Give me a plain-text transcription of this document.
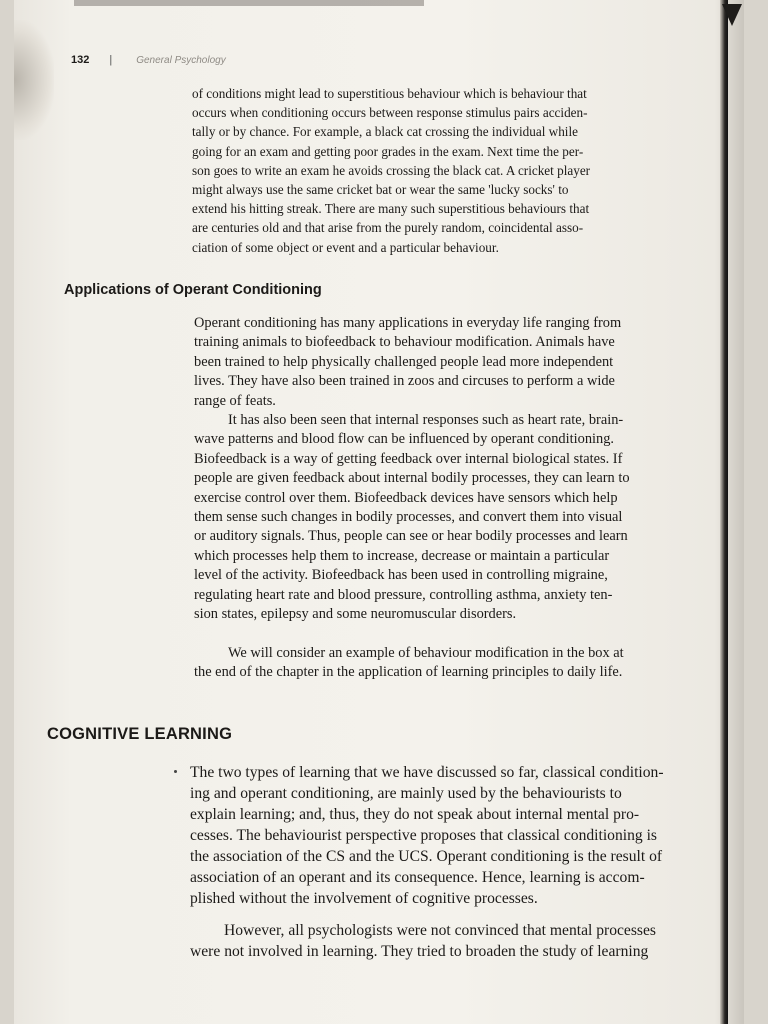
132 | General Psychology

of conditions might lead to superstitious behaviour which is behaviour that
occurs when conditioning occurs between response stimulus pairs acciden-
tally or by chance. For example, a black cat crossing the individual while
going for an exam and getting poor grades in the exam. Next time the per-
son goes to write an exam he avoids crossing the black cat. A cricket player
might always use the same cricket bat or wear the same 'lucky socks' to
extend his hitting streak. There are many such superstitious behaviours that
are centuries old and that arise from the purely random, coincidental asso-
ciation of some object or event and a particular behaviour.

Applications of Operant Conditioning

Operant conditioning has many applications in everyday life ranging from
training animals to biofeedback to behaviour modification. Animals have
been trained to help physically challenged people lead more independent
lives. They have also been trained in zoos and circuses to perform a wide
range of feats.

It has also been seen that internal responses such as heart rate, brain-
wave patterns and blood flow can be influenced by operant conditioning.
Biofeedback is a way of getting feedback over internal biological states. If
people are given feedback about internal bodily processes, they can learn to
exercise control over them. Biofeedback devices have sensors which help
them sense such changes in bodily processes, and convert them into visual
or auditory signals. Thus, people can see or hear bodily processes and learn
which processes help them to increase, decrease or maintain a particular
level of the activity. Biofeedback has been used in controlling migraine,
regulating heart rate and blood pressure, controlling asthma, anxiety ten-
sion states, epilepsy and some neuromuscular disorders.

We will consider an example of behaviour modification in the box at
the end of the chapter in the application of learning principles to daily life.

COGNITIVE LEARNING

The two types of learning that we have discussed so far, classical condition-
ing and operant conditioning, are mainly used by the behaviourists to
explain learning; and, thus, they do not speak about internal mental pro-
cesses. The behaviourist perspective proposes that classical conditioning is
the association of the CS and the UCS. Operant conditioning is the result of
association of an operant and its consequence. Hence, learning is accom-
plished without the involvement of cognitive processes.

However, all psychologists were not convinced that mental processes
were not involved in learning. They tried to broaden the study of learning
